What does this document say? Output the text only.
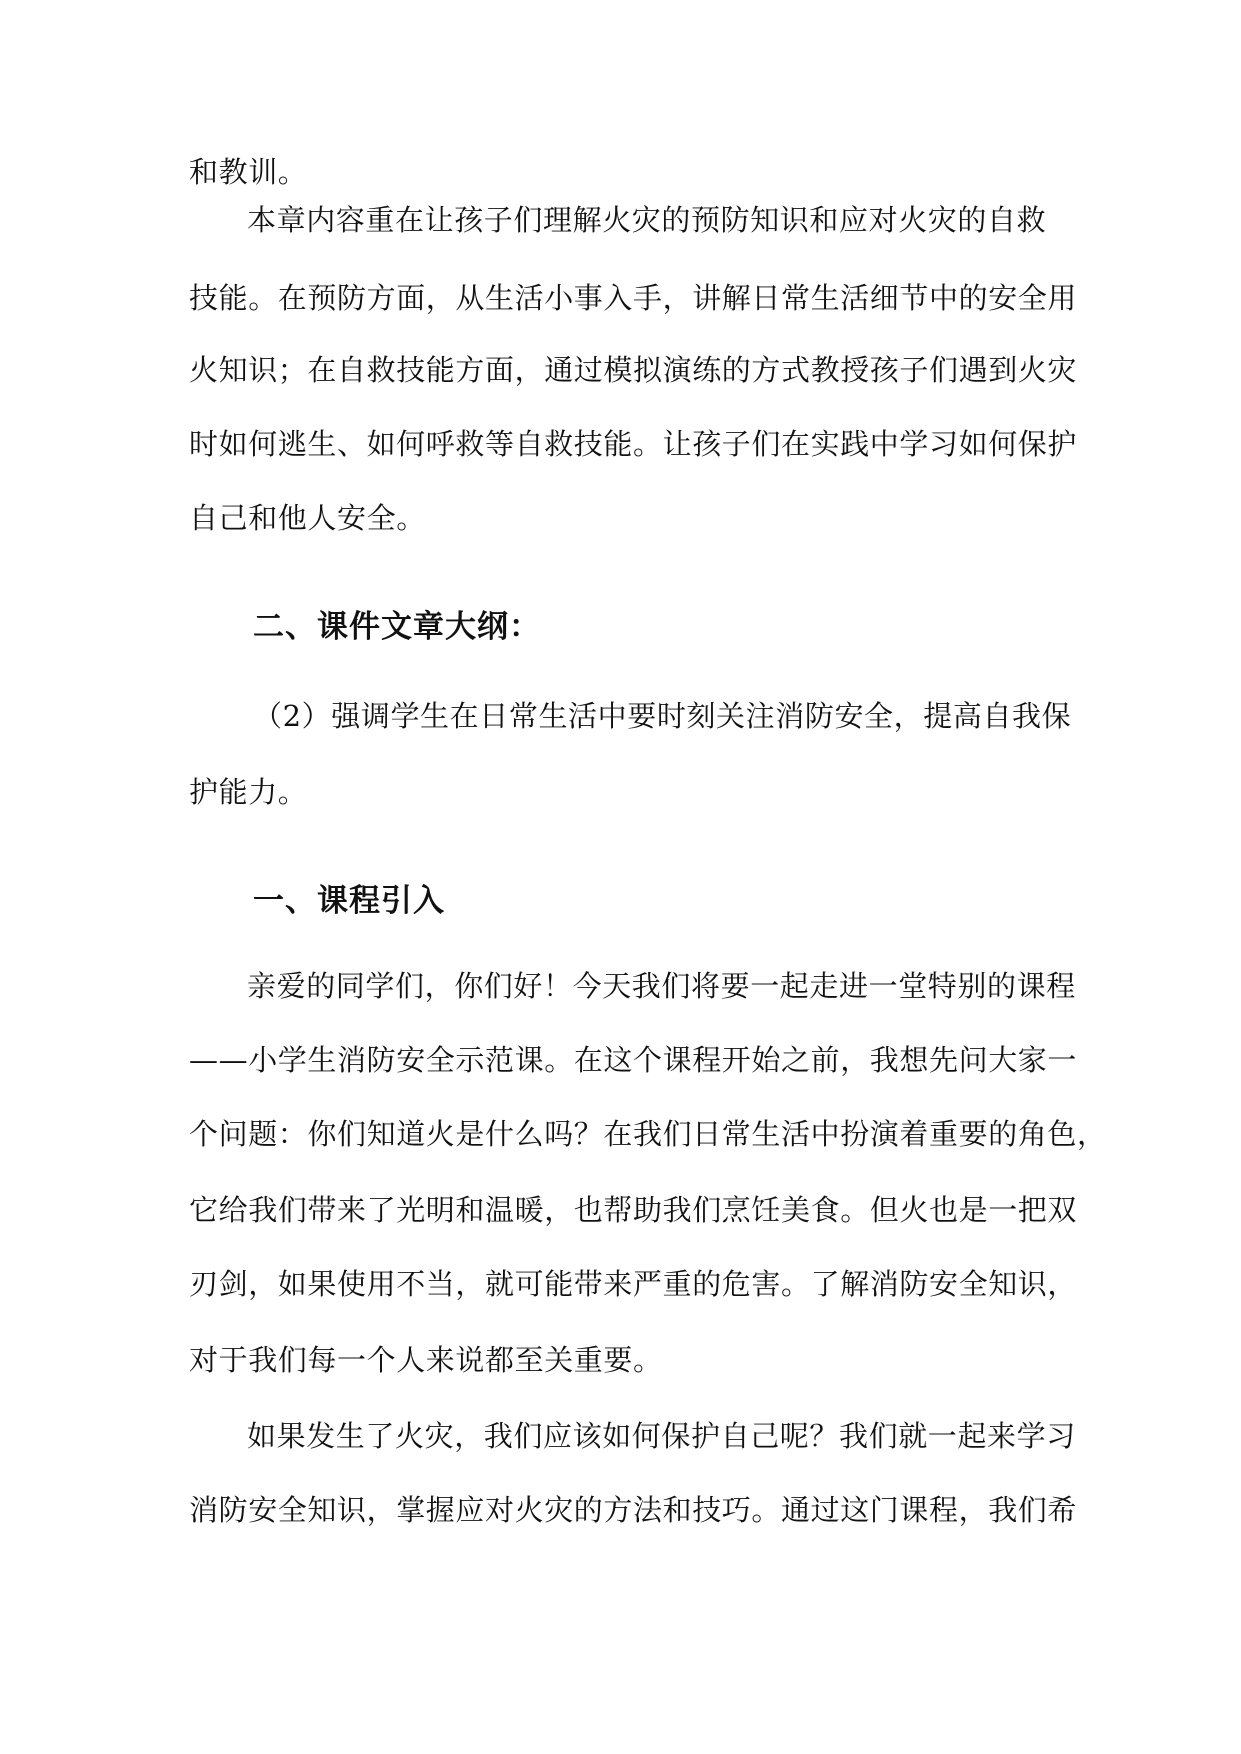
和教训。
本章内容重在让孩子们理解火灾的预防知识和应对火灾的自救
技能。在预防方面，从生活小事入手，讲解日常生活细节中的安全用
火知识；在自救技能方面，通过模拟演练的方式教授孩子们遇到火灾
时如何逃生、如何呼救等自救技能。让孩子们在实践中学习如何保护
自己和他人安全。
二、课件文章大纲：
（2）强调学生在日常生活中要时刻关注消防安全，提高自我保
护能力。
一、课程引入
亲爱的同学们，你们好！今天我们将要一起走进一堂特别的课程
——小学生消防安全示范课。在这个课程开始之前，我想先问大家一
个问题：你们知道火是什么吗？在我们日常生活中扮演着重要的角色，
它给我们带来了光明和温暖，也帮助我们烹饪美食。但火也是一把双
刃剑，如果使用不当，就可能带来严重的危害。了解消防安全知识，
对于我们每一个人来说都至关重要。
如果发生了火灾，我们应该如何保护自己呢？我们就一起来学习
消防安全知识，掌握应对火灾的方法和技巧。通过这门课程，我们希
